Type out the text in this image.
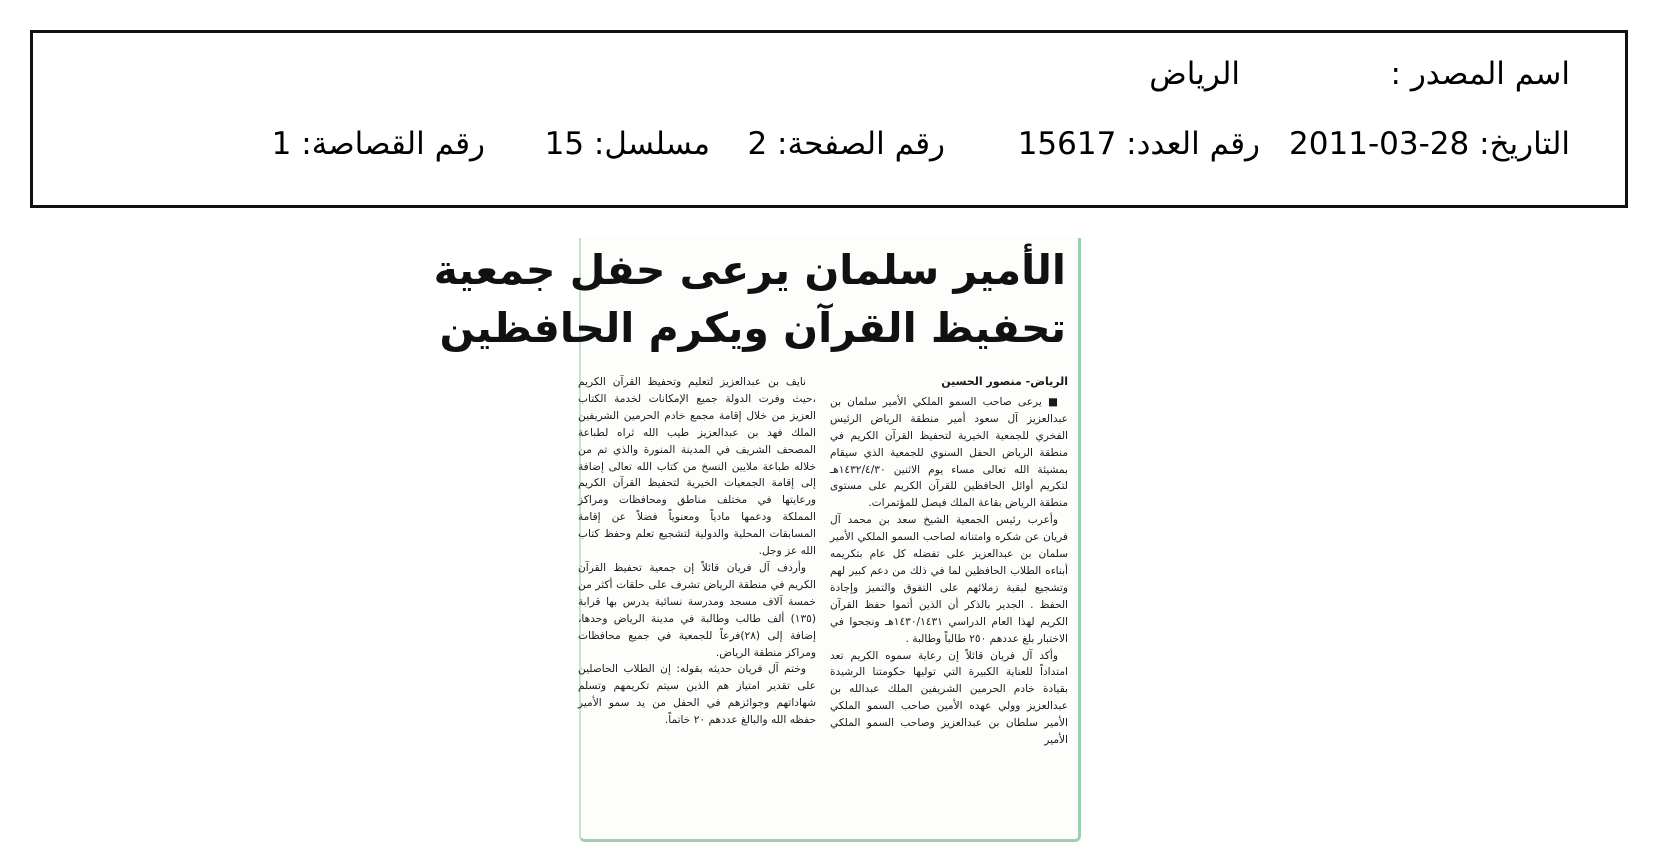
اسم المصدر :
الرياض
التاريخ: 28-03-2011
رقم العدد: 15617
رقم الصفحة: 2
مسلسل: 15
رقم القصاصة: 1
الأمير سلمان يرعى حفل جمعية
تحفيظ القرآن ويكرم الحافظين
الرياض- منصور الحسين

■ يرعى صاحب السمو الملكي الأمير سلمان بن عبدالعزيز آل سعود أمير منطقة الرياض الرئيس الفخري للجمعية الخيرية لتحفيظ القرآن الكريم في منطقة الرياض الحفل السنوي للجمعية الذي سيقام بمشيئة الله تعالى مساء يوم الاثنين ١٤٣٢/٤/٣٠هـ لتكريم أوائل الحافظين للقرآن الكريم على مستوى منطقة الرياض بقاعة الملك فيصل للمؤتمرات.

وأعرب رئيس الجمعية الشيخ سعد بن محمد آل فريان عن شكره وامتنانه لصاحب السمو الملكي الأمير سلمان بن عبدالعزيز على تفضله كل عام بتكريمه أبناءه الطلاب الحافظين لما في ذلك من دعم كبير لهم وتشجيع لبقية زملائهم على التفوق والتميز وإجادة الحفظ . الجدير بالذكر أن الذين أتموا حفظ القرآن الكريم لهذا العام الدراسي ١٤٣٠/١٤٣١هـ ونجحوا في الاختبار بلغ عددهم ٢٥٠ طالباً وطالبة .

وأكد آل فريان قائلاً إن رعاية سموه الكريم تعد امتداداً للعناية الكبيرة التي توليها حكومتنا الرشيدة بقيادة خادم الحرمين الشريفين الملك عبدالله بن عبدالعزيز وولي عهده الأمين صاحب السمو الملكي الأمير سلطان بن عبدالعزيز وصاحب السمو الملكي الأمير

نايف بن عبدالعزيز لتعليم وتحفيظ القرآن الكريم ،حيث وفرت الدولة جميع الإمكانات لخدمة الكتاب العزيز من خلال إقامة مجمع خادم الحرمين الشريفين الملك فهد بن عبدالعزيز طيب الله ثراه لطباعة المصحف الشريف في المدينة المنورة والذي تم من خلاله طباعة ملايين النسخ من كتاب الله تعالى إضافة إلى إقامة الجمعيات الخيرية لتحفيظ القرآن الكريم ورعايتها في مختلف مناطق ومحافظات ومراكز المملكة ودعمها مادياً ومعنوياً فضلاً عن إقامة المسابقات المحلية والدولية لتشجيع تعلم وحفظ كتاب الله عز وجل.

وأردف آل فريان قائلاً إن جمعية تحفيظ القرآن الكريم في منطقة الرياض تشرف على حلقات أكثر من خمسة آلاف مسجد ومدرسة نسائية يدرس بها قرابة (١٣٥) ألف طالب وطالبة في مدينة الرياض وحدها، إضافة إلى (٢٨)فرعاً للجمعية في جميع محافظات ومراكز منطقة الرياض.

وختم آل فريان حديثه بقوله: إن الطلاب الحاصلين على تقدير امتياز هم الذين سيتم تكريمهم وتسلم شهاداتهم وجوائزهم في الحفل من يد سمو الأمير حفظه الله والبالغ عددهم ٢٠ خاتماً.
